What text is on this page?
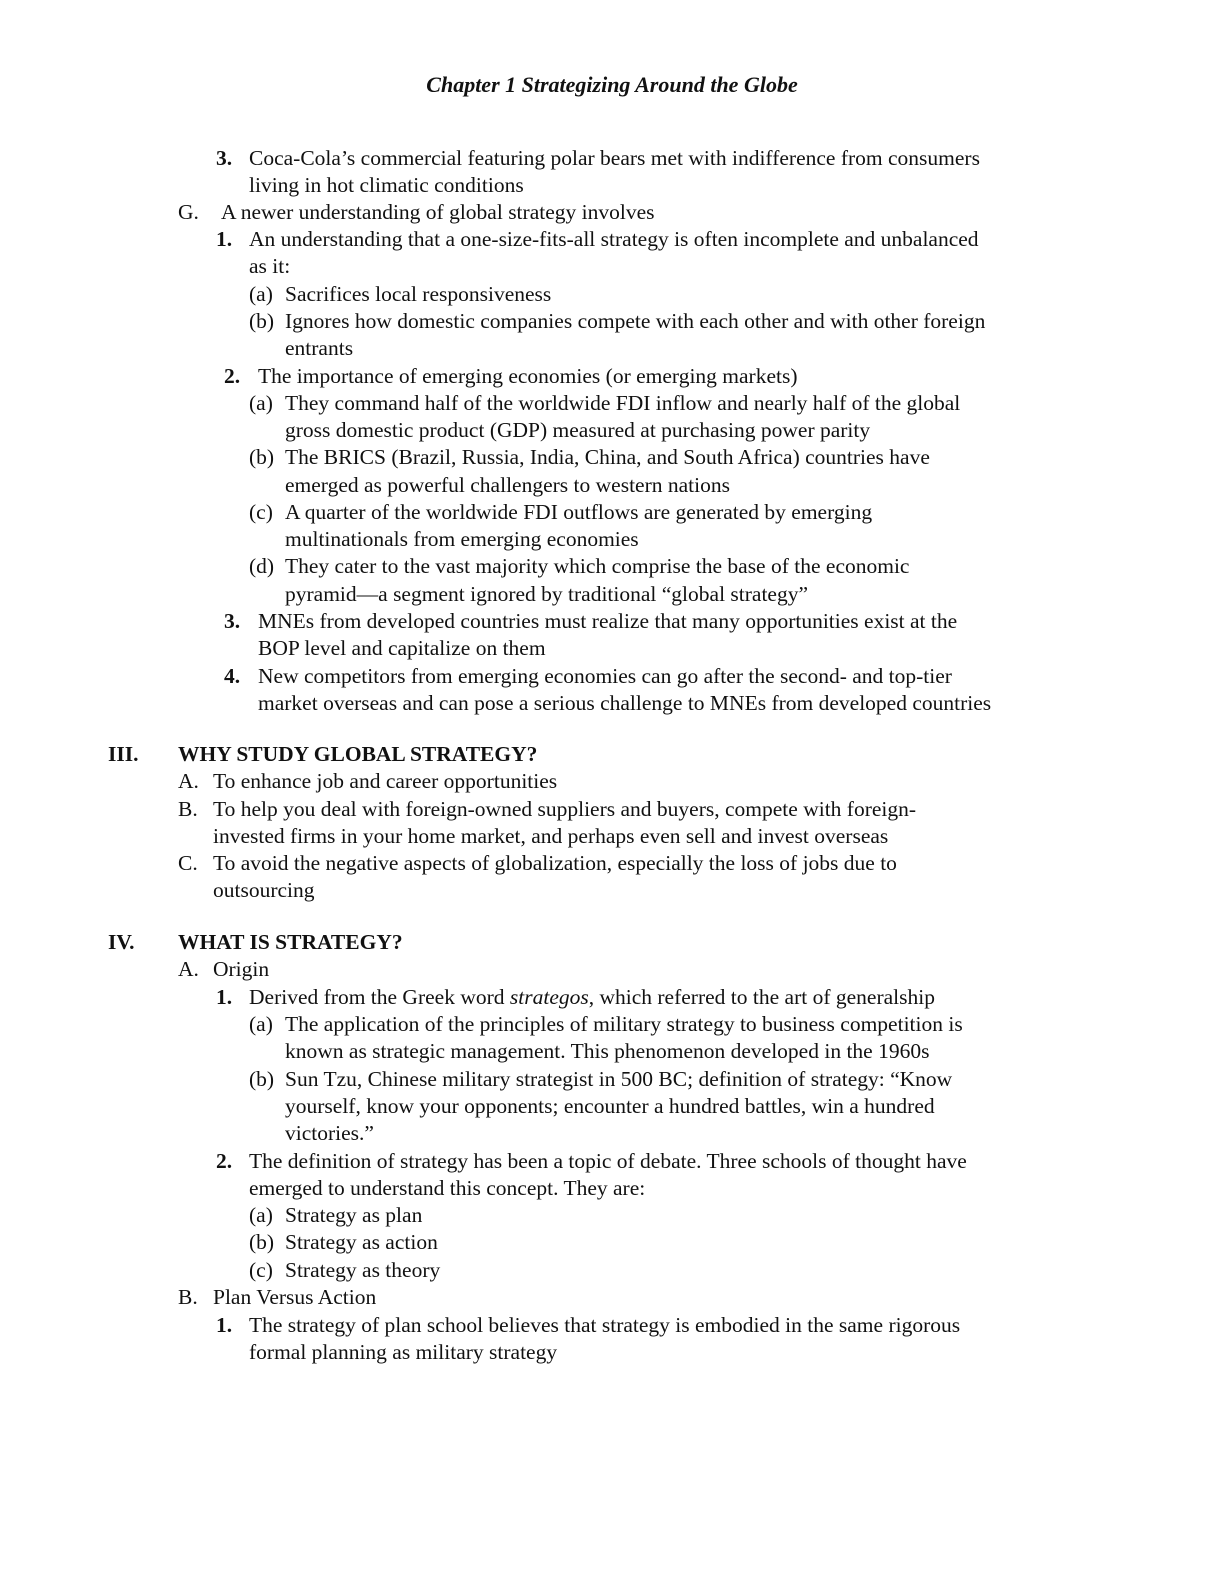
Chapter 1 Strategizing Around the Globe
3. Coca-Cola’s commercial featuring polar bears met with indifference from consumers
living in hot climatic conditions
G. A newer understanding of global strategy involves
1. An understanding that a one-size-fits-all strategy is often incomplete and unbalanced
as it:
(a) Sacrifices local responsiveness
(b) Ignores how domestic companies compete with each other and with other foreign
entrants
2. The importance of emerging economies (or emerging markets)
(a) They command half of the worldwide FDI inflow and nearly half of the global
gross domestic product (GDP) measured at purchasing power parity
(b) The BRICS (Brazil, Russia, India, China, and South Africa) countries have
emerged as powerful challengers to western nations
(c) A quarter of the worldwide FDI outflows are generated by emerging
multinationals from emerging economies
(d) They cater to the vast majority which comprise the base of the economic
pyramid—a segment ignored by traditional “global strategy”
3. MNEs from developed countries must realize that many opportunities exist at the
BOP level and capitalize on them
4. New competitors from emerging economies can go after the second- and top-tier
market overseas and can pose a serious challenge to MNEs from developed countries
III. WHY STUDY GLOBAL STRATEGY?
A. To enhance job and career opportunities
B. To help you deal with foreign-owned suppliers and buyers, compete with foreign-
invested firms in your home market, and perhaps even sell and invest overseas
C. To avoid the negative aspects of globalization, especially the loss of jobs due to
outsourcing
IV. WHAT IS STRATEGY?
A. Origin
1. Derived from the Greek word strategos, which referred to the art of generalship
(a) The application of the principles of military strategy to business competition is
known as strategic management. This phenomenon developed in the 1960s
(b) Sun Tzu, Chinese military strategist in 500 BC; definition of strategy: “Know
yourself, know your opponents; encounter a hundred battles, win a hundred
victories.”
2. The definition of strategy has been a topic of debate. Three schools of thought have
emerged to understand this concept. They are:
(a) Strategy as plan
(b) Strategy as action
(c) Strategy as theory
B. Plan Versus Action
1. The strategy of plan school believes that strategy is embodied in the same rigorous
formal planning as military strategy
